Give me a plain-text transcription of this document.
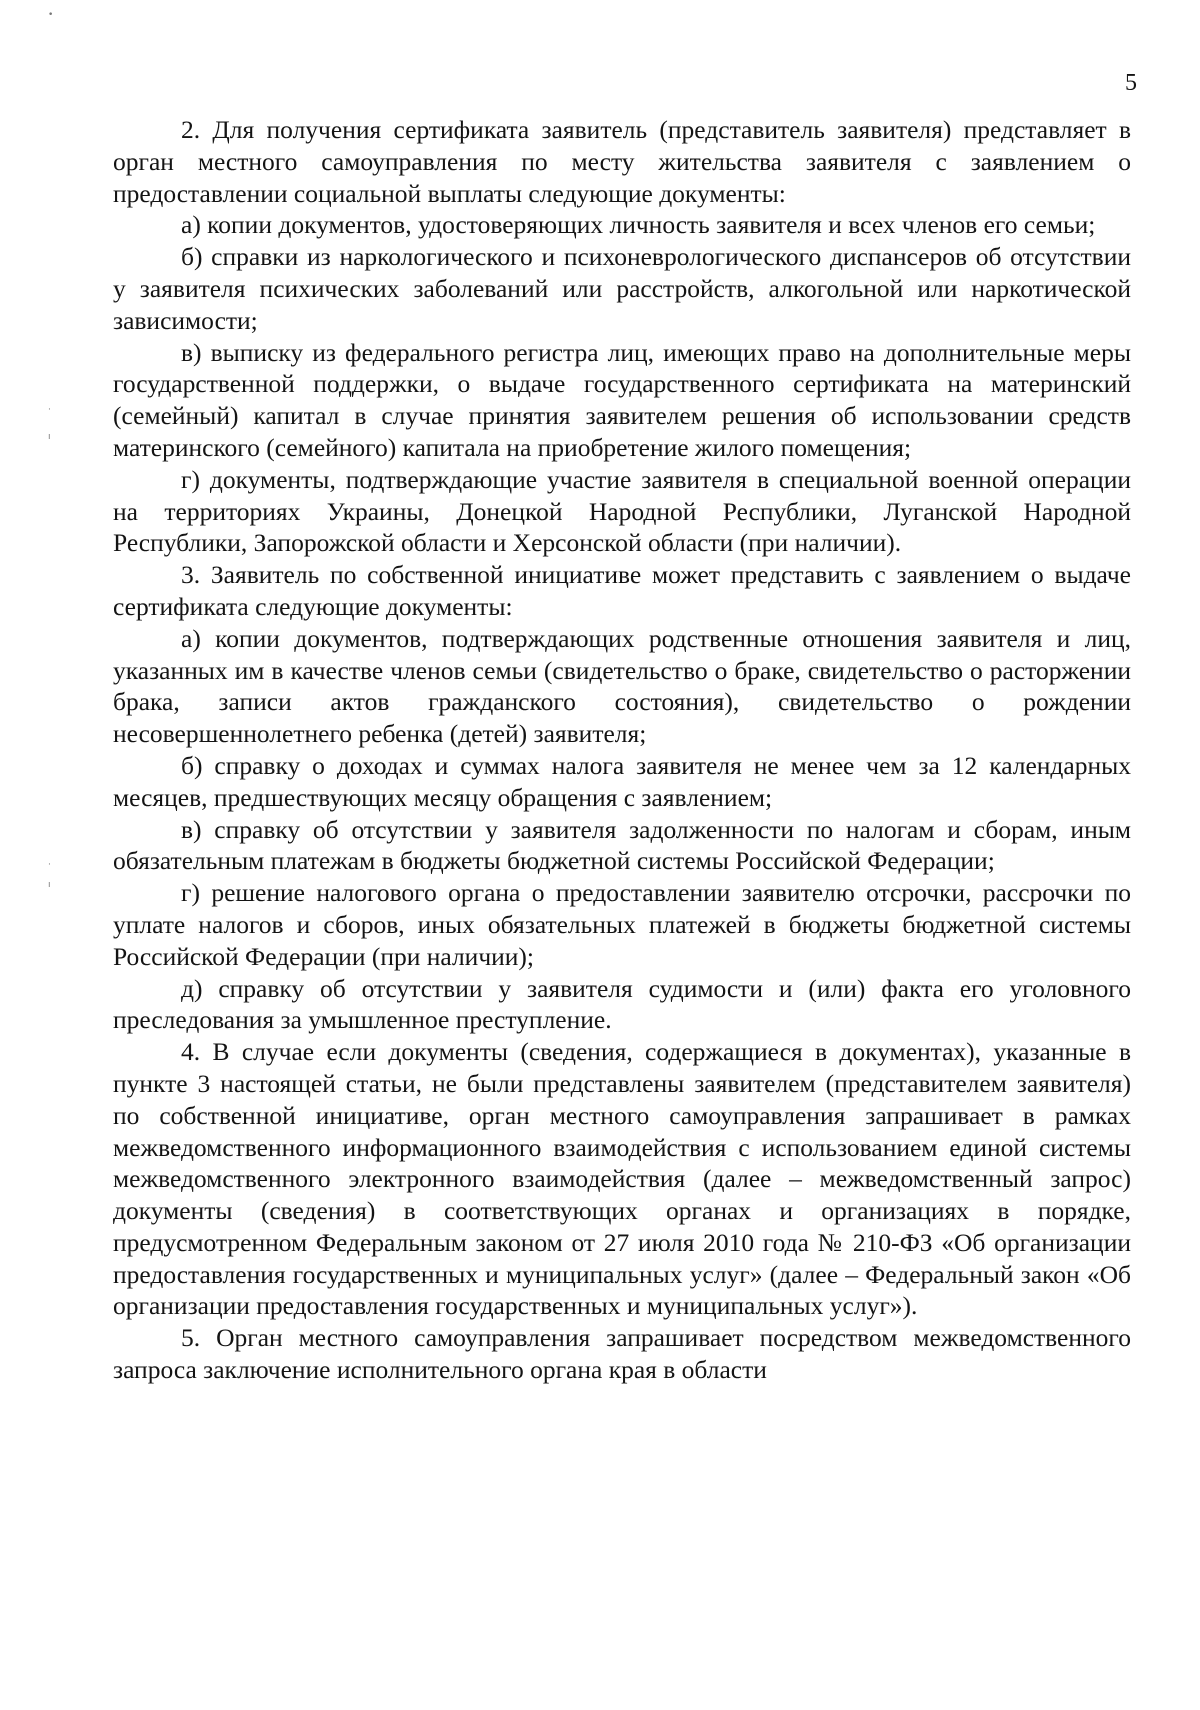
5
•
·
ı
·
ı

2. Для получения сертификата заявитель (представитель заявителя) представляет в орган местного самоуправления по месту жительства заявителя с заявлением о предоставлении социальной выплаты следующие документы:

а) копии документов, удостоверяющих личность заявителя и всех членов его семьи;

б) справки из наркологического и психоневрологического диспансеров об отсутствии у заявителя психических заболеваний или расстройств, алкогольной или наркотической зависимости;

в) выписку из федерального регистра лиц, имеющих право на дополнительные меры государственной поддержки, о выдаче государственного сертификата на материнский (семейный) капитал в случае принятия заявителем решения об использовании средств материнского (семейного) капитала на приобретение жилого помещения;

г) документы, подтверждающие участие заявителя в специальной военной операции на территориях Украины, Донецкой Народной Республики, Луганской Народной Республики, Запорожской области и Херсонской области (при наличии).

3. Заявитель по собственной инициативе может представить с заявлением о выдаче сертификата следующие документы:

а) копии документов, подтверждающих родственные отношения заявителя и лиц, указанных им в качестве членов семьи (свидетельство о браке, свидетельство о расторжении брака, записи актов гражданского состояния), свидетельство о рождении несовершеннолетнего ребенка (детей) заявителя;

б) справку о доходах и суммах налога заявителя не менее чем за 12 календарных месяцев, предшествующих месяцу обращения с заявлением;

в) справку об отсутствии у заявителя задолженности по налогам и сборам, иным обязательным платежам в бюджеты бюджетной системы Российской Федерации;

г) решение налогового органа о предоставлении заявителю отсрочки, рассрочки по уплате налогов и сборов, иных обязательных платежей в бюджеты бюджетной системы Российской Федерации (при наличии);

д) справку об отсутствии у заявителя судимости и (или) факта его уголовного преследования за умышленное преступление.

4. В случае если документы (сведения, содержащиеся в документах), указанные в пункте 3 настоящей статьи, не были представлены заявителем (представителем заявителя) по собственной инициативе, орган местного самоуправления запрашивает в рамках межведомственного информационного взаимодействия с использованием единой системы межведомственного электронного взаимодействия (далее – межведомственный запрос) документы (сведения) в соответствующих органах и организациях в порядке, предусмотренном Федеральным законом от 27 июля 2010 года № 210-ФЗ «Об организации предоставления государственных и муниципальных услуг» (далее – Федеральный закон «Об организации предоставления государственных и муниципальных услуг»).

5. Орган местного самоуправления запрашивает посредством межведомственного запроса заключение исполнительного органа края в области
